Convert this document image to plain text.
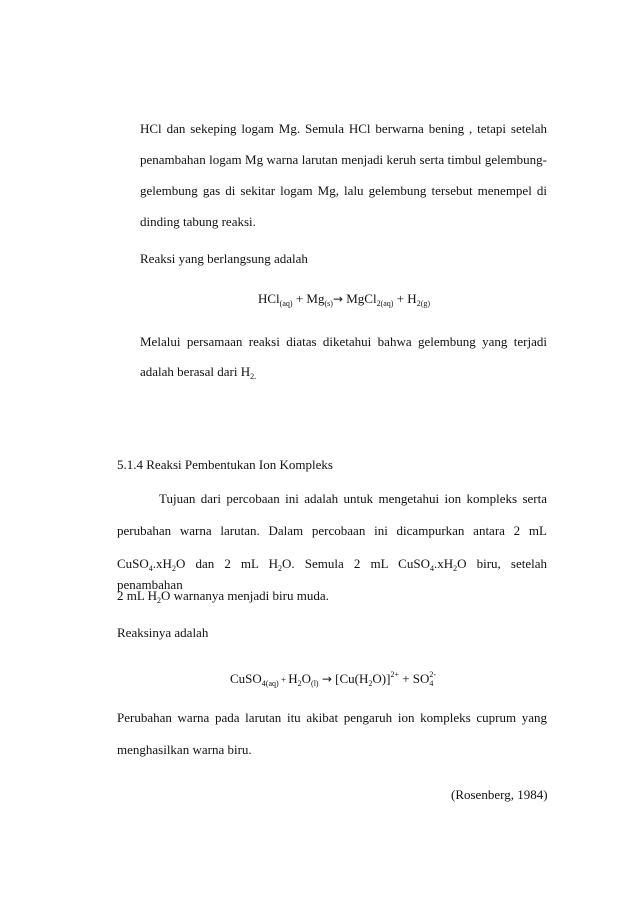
HCl dan sekeping logam Mg. Semula HCl berwarna bening , tetapi setelah
penambahan logam Mg warna larutan menjadi keruh serta timbul gelembung-
gelembung gas di sekitar logam Mg, lalu gelembung tersebut menempel di
dinding tabung reaksi.
Reaksi yang berlangsung adalah
$HCl_{(aq)} + Mg_{(s)}\to$ MgCl$_{2(aq)}$ + $H_{2(g)}$
Melalui persamaan reaksi diatas diketahui bahwa gelembung yang terjadi
adalah berasal dari $H_{2.}$
5.1.4 Reaksi Pembentukan Ion Kompleks
Tujuan dari percobaan ini adalah untuk mengetahui ion kompleks serta
perubahan warna larutan. Dalam percobaan ini dicampurkan antara 2 mL
$CuSO_4.xH_2O$ dan 2 mL $H_2O$. Semula 2 mL $CuSO_4.xH_2O$ biru, setelah penambahan
2 mL $H_2O$ warnanya menjadi biru muda.
Reaksinya adalah
CuSO$_{4(aq)}$ + $H_2O_{(l)} \to [Cu(H_2O)]^{2+} + SO_4^{2-}$
Perubahan warna pada larutan itu akibat pengaruh ion kompleks cuprum yang
menghasilkan warna biru.
(Rosenberg, 1984)
